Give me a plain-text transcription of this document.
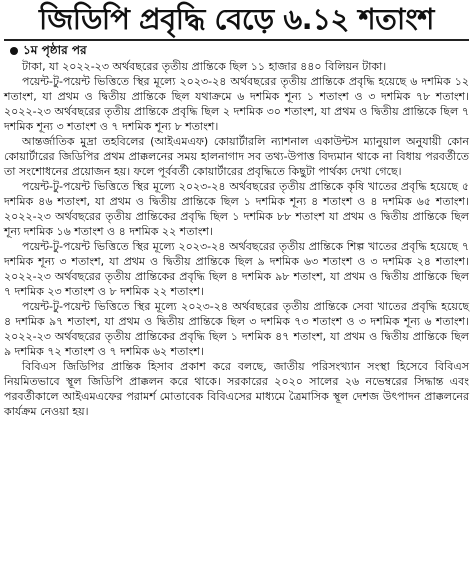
জিডিপি প্রবৃদ্ধি বেড়ে ৬.১২ শতাংশ
১ম পৃষ্ঠার পর

টাকা, যা ২০২২-২৩ অর্থবছরের তৃতীয় প্রান্তিকে ছিল ১১ হাজার ৪৪০ বিলিয়ন টাকা।

পয়েন্ট-টু-পয়েন্ট ভিত্তিতে স্থির মূল্যে ২০২৩-২৪ অর্থবছরের তৃতীয় প্রান্তিকে প্রবৃদ্ধি হয়েছে ৬ দশমিক ১২ শতাংশ, যা প্রথম ও দ্বিতীয় প্রান্তিকে ছিল যথাক্রমে ৬ দশমিক শূন্য ১ শতাংশ ও ৩ দশমিক ৭৮ শতাংশ। ২০২২-২৩ অর্থবছরের তৃতীয় প্রান্তিকে প্রবৃদ্ধি ছিল ২ দশমিক ৩০ শতাংশ, যা প্রথম ও দ্বিতীয় প্রান্তিকে ছিল ৭ দশমিক শূন্য ৩ শতাংশ ও ৭ দশমিক শূন্য ৮ শতাংশ।

আন্তর্জাতিক মুদ্রা তহবিলের (আইএমএফ) কোয়ার্টারলি ন্যাশনাল একাউন্টস ম্যানুয়াল অনুযায়ী কোন কোয়ার্টারের জিডিপির প্রথম প্রাক্কলনের সময় হালনাগাদ সব তথ্য-উপাত্ত বিদ্যমান থাকে না বিধায় পরবর্তীতে তা সংশোধনের প্রয়োজন হয়। ফলে পূর্ববর্তী কোয়ার্টারের প্রবৃদ্ধিতে কিছুটা পার্থক্য দেখা গেছে।

পয়েন্ট-টু-পয়েন্ট ভিত্তিতে স্থির মূল্যে ২০২৩-২৪ অর্থবছরের তৃতীয় প্রান্তিকে কৃষি খাতের প্রবৃদ্ধি হয়েছে ৫ দশমিক ৪৬ শতাংশ, যা প্রথম ও দ্বিতীয় প্রান্তিকে ছিল ১ দশমিক শূন্য ৪ শতাংশ ও ৪ দশমিক ৬৫ শতাংশ। ২০২২-২৩ অর্থবছরের তৃতীয় প্রান্তিকের প্রবৃদ্ধি ছিল ১ দশমিক ৮৮ শতাংশ যা প্রথম ও দ্বিতীয় প্রান্তিকে ছিল শূন্য দশমিক ১৬ শতাংশ ও ৪ দশমিক ২২ শতাংশ।

পয়েন্ট-টু-পয়েন্ট ভিত্তিতে স্থির মূল্যে ২০২৩-২৪ অর্থবছরের তৃতীয় প্রান্তিকে শিল্প খাতের প্রবৃদ্ধি হয়েছে ৭ দশমিক শূন্য ৩ শতাংশ, যা প্রথম ও দ্বিতীয় প্রান্তিকে ছিল ৯ দশমিক ৬৩ শতাংশ ও ৩ দশমিক ২৪ শতাংশ। ২০২২-২৩ অর্থবছরের তৃতীয় প্রান্তিকের প্রবৃদ্ধি ছিল ৪ দশমিক ৯৮ শতাংশ, যা প্রথম ও দ্বিতীয় প্রান্তিকে ছিল ৭ দশমিক ২৩ শতাংশ ও ৮ দশমিক ২২ শতাংশ।

পয়েন্ট-টু-পয়েন্ট ভিত্তিতে স্থির মূল্যে ২০২৩-২৪ অর্থবছরের তৃতীয় প্রান্তিকে সেবা খাতের প্রবৃদ্ধি হয়েছে ৪ দশমিক ৯৭ শতাংশ, যা প্রথম ও দ্বিতীয় প্রান্তিকে ছিল ৩ দশমিক ৭৩ শতাংশ ও ৩ দশমিক শূন্য ৬ শতাংশ। ২০২২-২৩ অর্থবছরের তৃতীয় প্রান্তিকের প্রবৃদ্ধি ছিল ১ দশমিক ৪৭ শতাংশ, যা প্রথম ও দ্বিতীয় প্রান্তিকে ছিল ৯ দশমিক ৭২ শতাংশ ও ৭ দশমিক ৬২ শতাংশ।

বিবিএস জিডিপির প্রান্তিক হিসাব প্রকাশ করে বলছে, জাতীয় পরিসংখ্যান সংস্থা হিসেবে বিবিএস নিয়মিতভাবে স্থূল জিডিপি প্রাক্কলন করে থাকে। সরকারের ২০২০ সালের ২৬ নভেম্বরের সিদ্ধান্ত এবং পরবর্তীকালে আইএমএফের পরামর্শ মোতাবেক বিবিএসের মাধ্যমে ত্রৈমাসিক স্থূল দেশজ উৎপাদন প্রাক্কলনের কার্যক্রম নেওয়া হয়।
